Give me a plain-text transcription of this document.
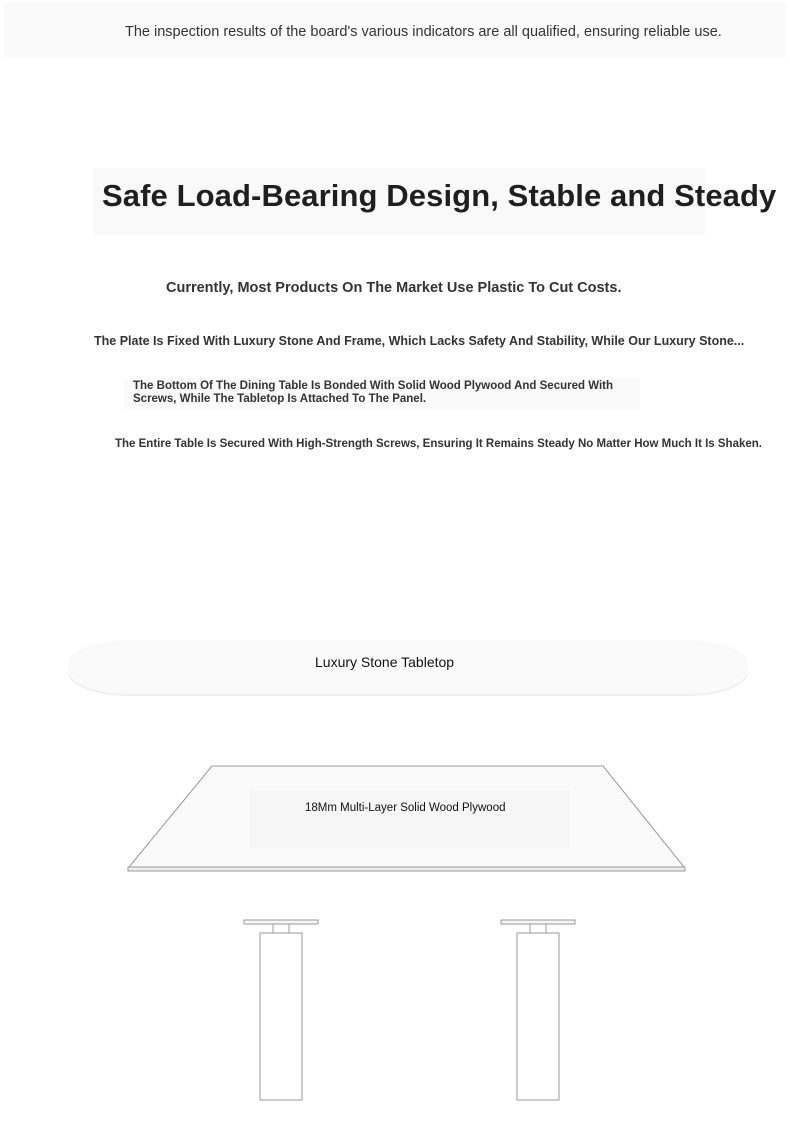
The inspection results of the board's various indicators are all qualified, ensuring reliable use.
Safe Load-Bearing Design, Stable and Steady
Currently, Most Products On The Market Use Plastic To Cut Costs.
The Plate Is Fixed With Luxury Stone And Frame, Which Lacks Safety And Stability, While Our Luxury Stone...
The Bottom Of The Dining Table Is Bonded With Solid Wood Plywood And Secured With Screws, While The Tabletop Is Attached To The Panel.
The Entire Table Is Secured With High-Strength Screws, Ensuring It Remains Steady No Matter How Much It Is Shaken.
Luxury Stone Tabletop
18Mm Multi-Layer Solid Wood Plywood
